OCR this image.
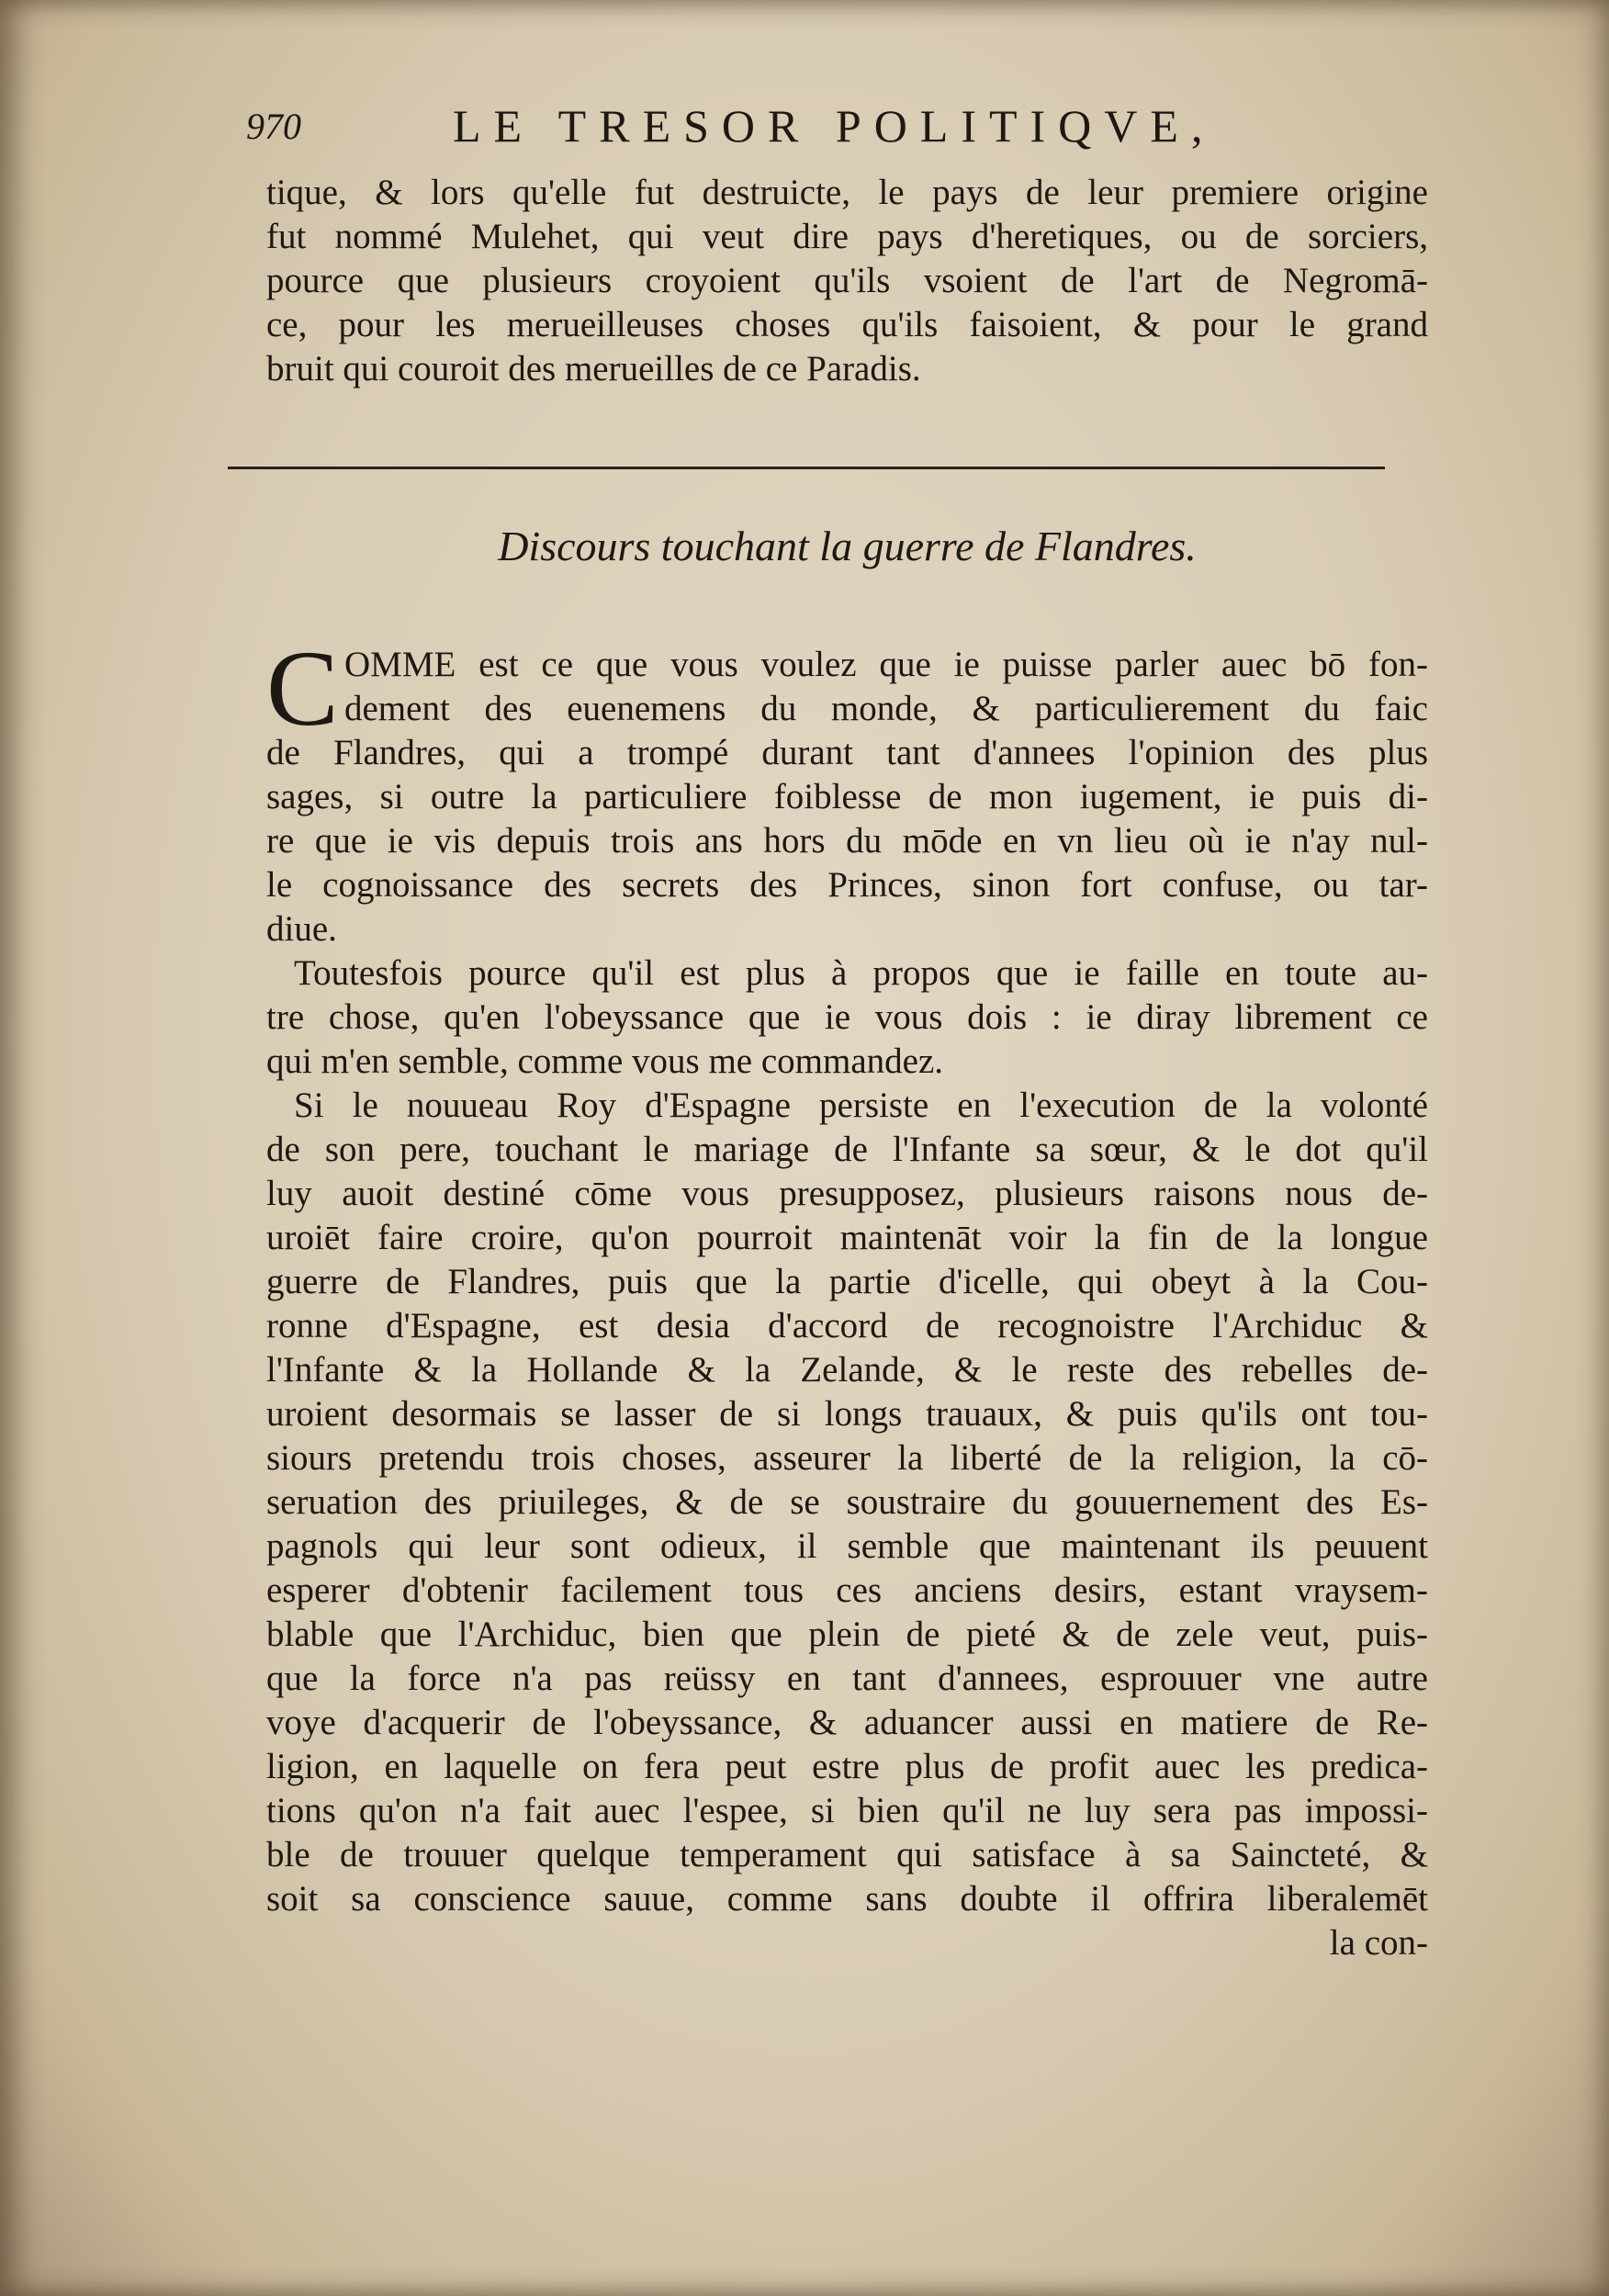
970	LE TRESOR POLITIQVE,
tique, & lors qu'elle fut destruicte, le pays de leur premiere origine
fut nommé Mulehet, qui veut dire pays d'heretiques, ou de sorciers,
pource que plusieurs croyoient qu'ils vsoient de l'art de Negromā-
ce, pour les merueilleuses choses qu'ils faisoient, & pour le grand
bruit qui couroit des merueilles de ce Paradis.
Discours touchant la guerre de Flandres.
C OMME est ce que vous voulez que ie puisse parler auec bō fon-
dement des euenemens du monde, & particulierement du faic
de Flandres, qui a trompé durant tant d'annees l'opinion des plus
sages, si outre la particuliere foiblesse de mon iugement, ie puis di-
re que ie vis depuis trois ans hors du mōde en vn lieu où ie n'ay nul-
le cognoissance des secrets des Princes, sinon fort confuse, ou tar-
diue.
Toutesfois pource qu'il est plus à propos que ie faille en toute au-
tre chose, qu'en l'obeyssance que ie vous dois : ie diray librement ce
qui m'en semble, comme vous me commandez.
Si le nouueau Roy d'Espagne persiste en l'execution de la volonté
de son pere, touchant le mariage de l'Infante sa sœur, & le dot qu'il
luy auoit destiné cōme vous presupposez, plusieurs raisons nous de-
uroiēt faire croire, qu'on pourroit maintenāt voir la fin de la longue
guerre de Flandres, puis que la partie d'icelle, qui obeyt à la Cou-
ronne d'Espagne, est desia d'accord de recognoistre l'Archiduc &
l'Infante & la Hollande & la Zelande, & le reste des rebelles de-
uroient desormais se lasser de si longs trauaux, & puis qu'ils ont tou-
siours pretendu trois choses, asseurer la liberté de la religion, la cō-
seruation des priuileges, & de se soustraire du gouuernement des Es-
pagnols qui leur sont odieux, il semble que maintenant ils peuuent
esperer d'obtenir facilement tous ces anciens desirs, estant vraysem-
blable que l'Archiduc, bien que plein de pieté & de zele veut, puis-
que la force n'a pas reüssy en tant d'annees, esprouuer vne autre
voye d'acquerir de l'obeyssance, & aduancer aussi en matiere de Re-
ligion, en laquelle on fera peut estre plus de profit auec les predica-
tions qu'on n'a fait auec l'espee, si bien qu'il ne luy sera pas impossi-
ble de trouuer quelque temperament qui satisface à sa Saincteté, &
soit sa conscience sauue, comme sans doubte il offrira liberalemēt
la con-
